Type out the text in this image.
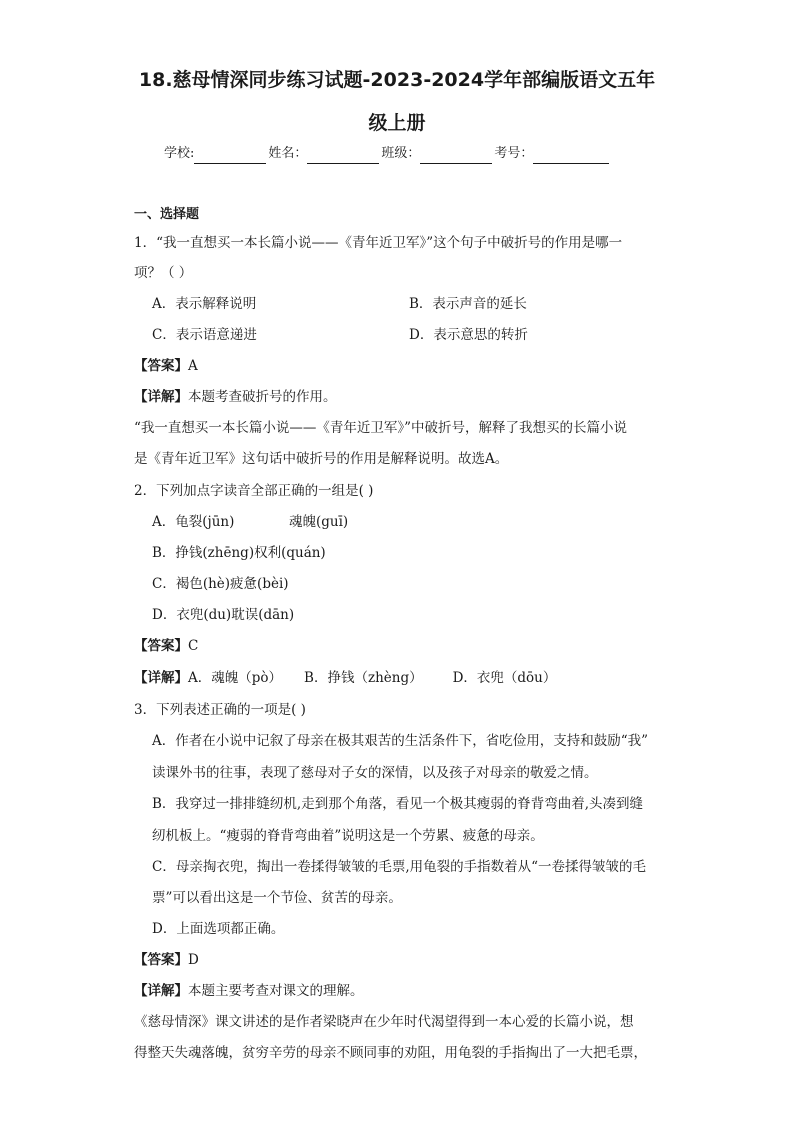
18.慈母情深同步练习试题-2023-2024学年部编版语文五年
级上册
学校:	姓名：	班级：	考号：
一、选择题
1．“我一直想买一本长篇小说——《青年近卫军》”这个句子中破折号的作用是哪一
项？（ ）
A．表示解释说明	B．表示声音的延长
C．表示语意递进	D．表示意思的转折
【答案】A
【详解】本题考查破折号的作用。
“我一直想买一本长篇小说——《青年近卫军》”中破折号，解释了我想买的长篇小说
是《青年近卫军》这句话中破折号的作用是解释说明。故选A。
2．下列加点字读音全部正确的一组是( )
A．龟裂(jūn)	魂魄(guī)
B．挣钱(zhēng)权利(quán)
C．褐色(hè)疲惫(bèi)
D．衣兜(du)耽误(dān)
【答案】C
【详解】A．魂魄（pò） B．挣钱（zhèng） D．衣兜（dōu）
3．下列表述正确的一项是( )
A．作者在小说中记叙了母亲在极其艰苦的生活条件下，省吃俭用，支持和鼓励“我”
读课外书的往事，表现了慈母对子女的深情，以及孩子对母亲的敬爱之情。
B．我穿过一排排缝纫机,走到那个角落，看见一个极其瘦弱的脊背弯曲着,头凑到缝
纫机板上。“瘦弱的脊背弯曲着”说明这是一个劳累、疲惫的母亲。
C．母亲掏衣兜，掏出一卷揉得皱皱的毛票,用龟裂的手指数着从“一卷揉得皱皱的毛
票”可以看出这是一个节俭、贫苦的母亲。
D．上面选项都正确。
【答案】D
【详解】本题主要考查对课文的理解。
《慈母情深》课文讲述的是作者梁晓声在少年时代渴望得到一本心爱的长篇小说，想
得整天失魂落魄，贫穷辛劳的母亲不顾同事的劝阻，用龟裂的手指掏出了一大把毛票，
